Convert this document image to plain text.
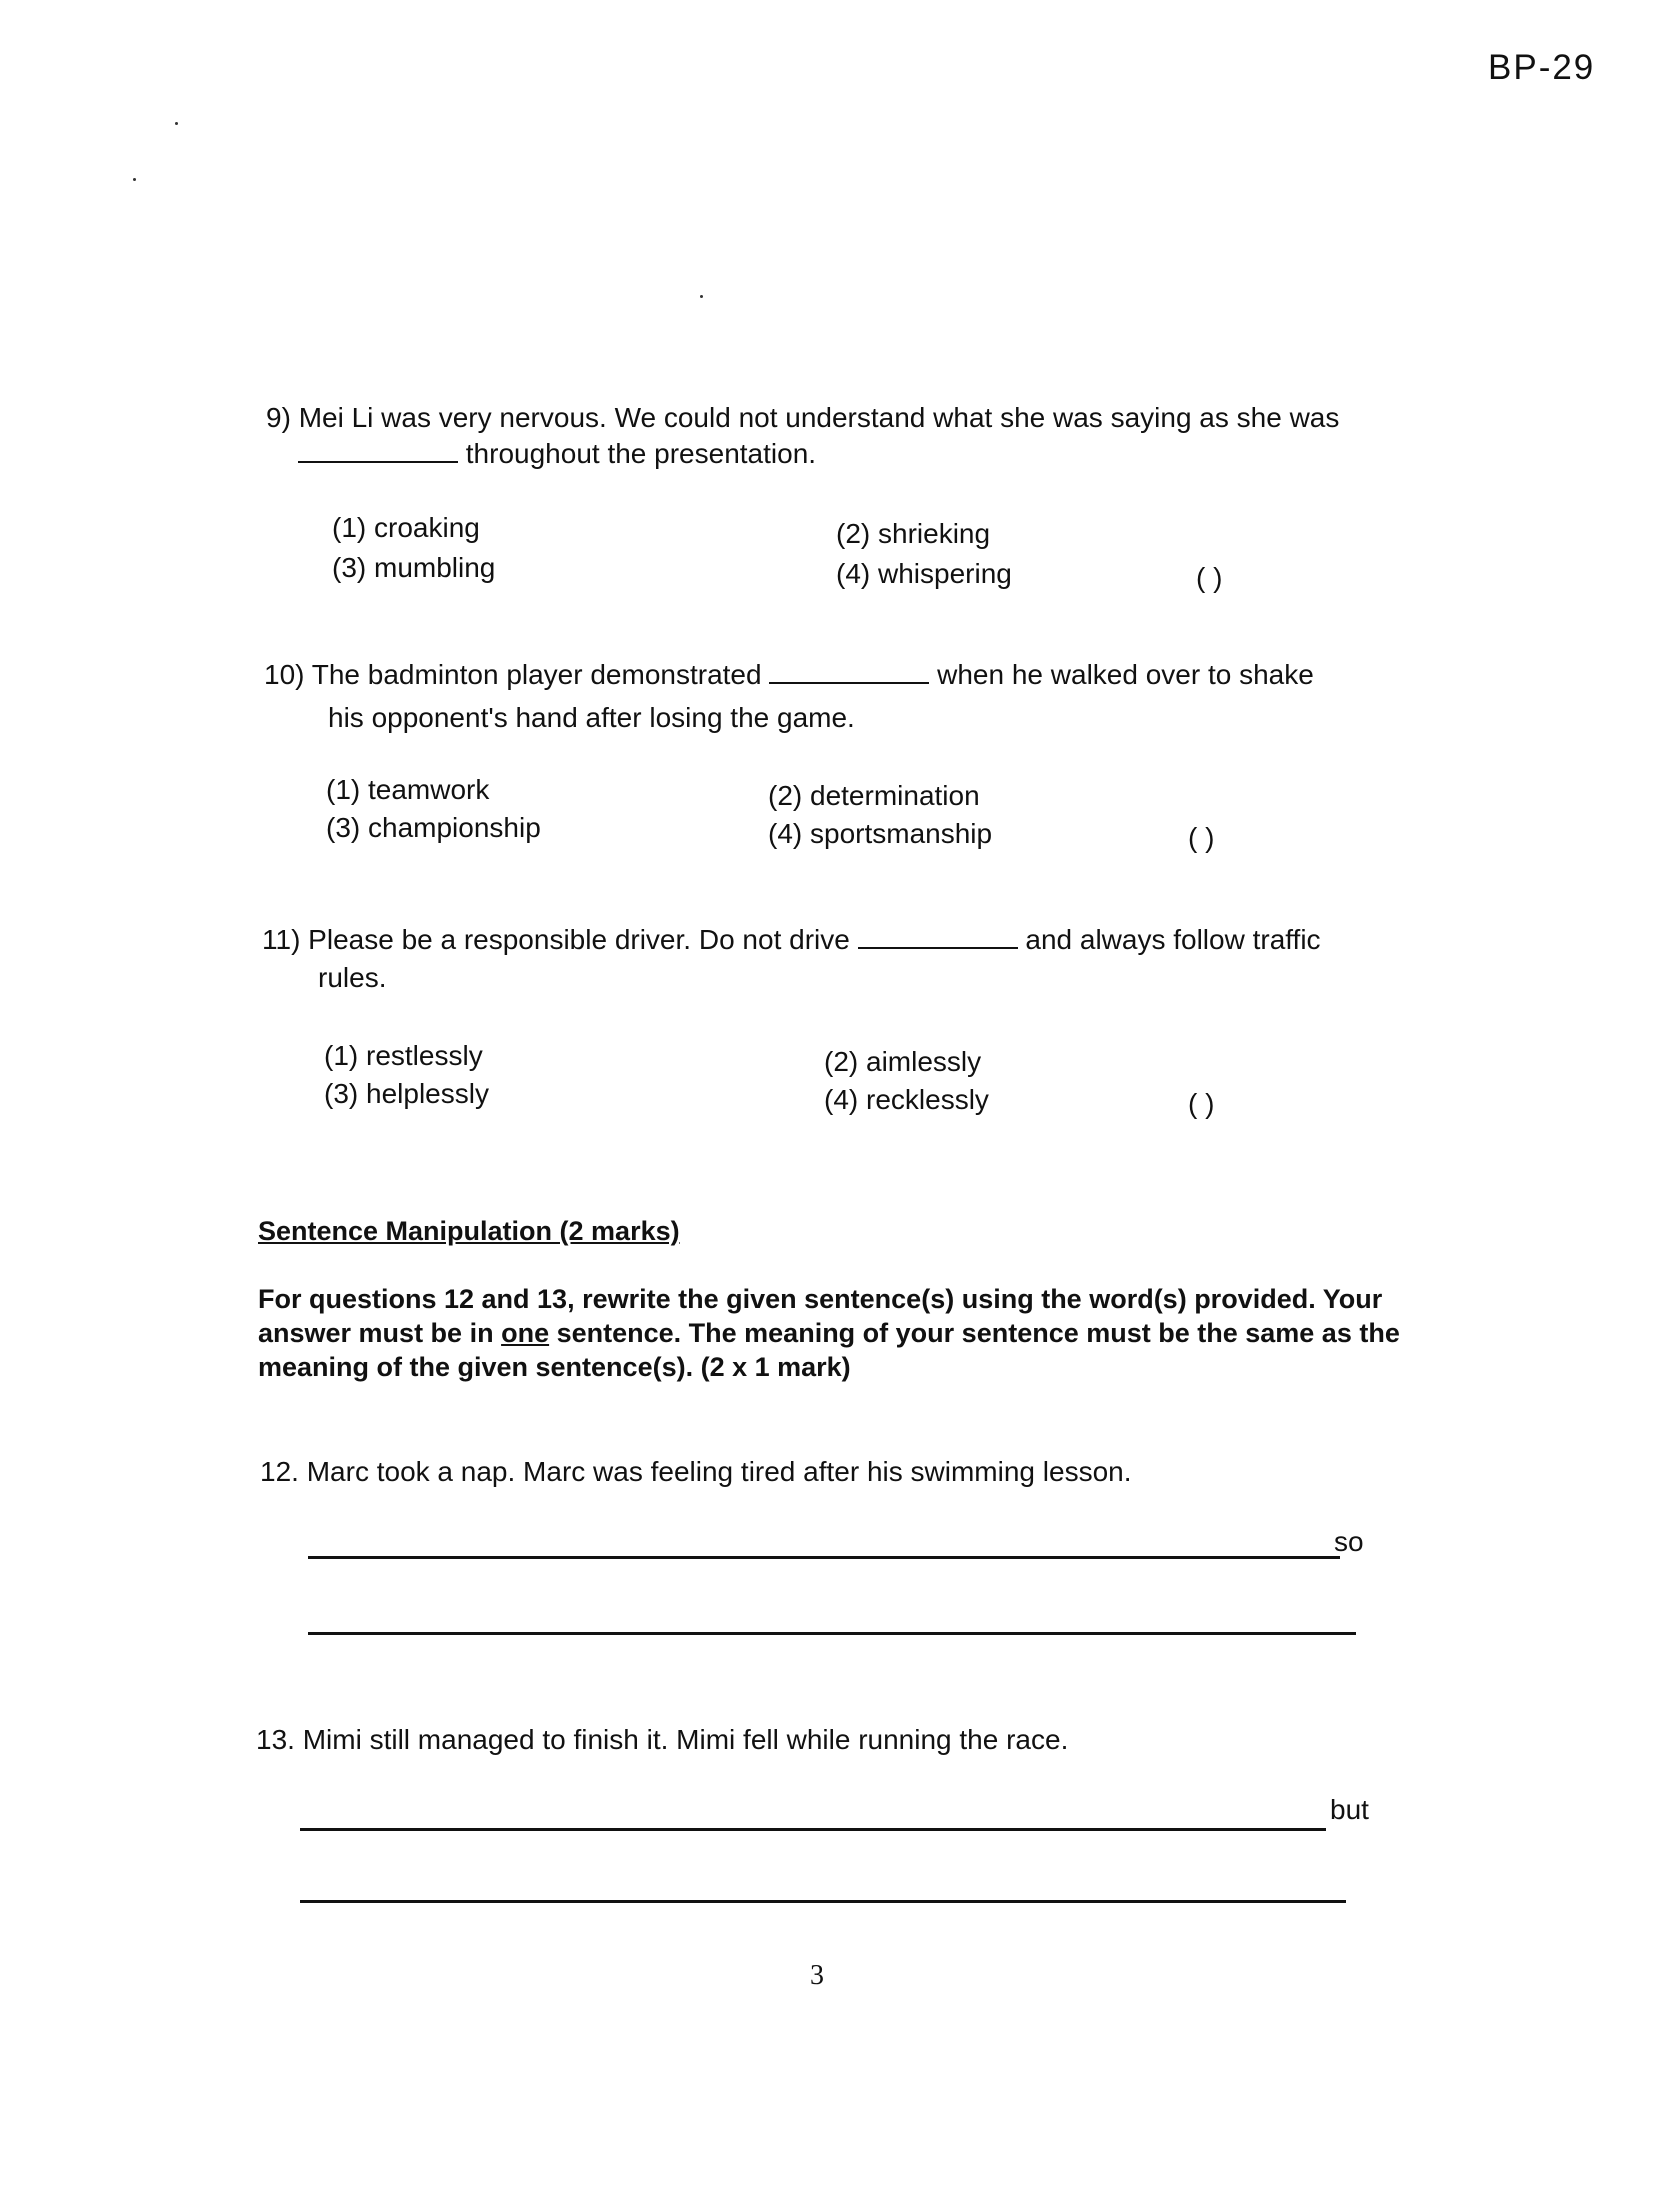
BP-29
9) Mei Li was very nervous. We could not understand what she was saying as she was
throughout the presentation.
(1) croaking	(2) shrieking
(3) mumbling	(4) whispering	( )
10) The badminton player demonstrated	when he walked over to shake
his opponent's hand after losing the game.
(1) teamwork	(2) determination
(3) championship	(4) sportsmanship	( )
11) Please be a responsible driver. Do not drive	and always follow traffic
rules.
(1) restlessly	(2) aimlessly
(3) helplessly	(4) recklessly	( )
Sentence Manipulation (2 marks)
For questions 12 and 13, rewrite the given sentence(s) using the word(s) provided. Your answer must be in one sentence. The meaning of your sentence must be the same as the meaning of the given sentence(s). (2 x 1 mark)
12. Marc took a nap. Marc was feeling tired after his swimming lesson.
so
13. Mimi still managed to finish it. Mimi fell while running the race.
but
3
